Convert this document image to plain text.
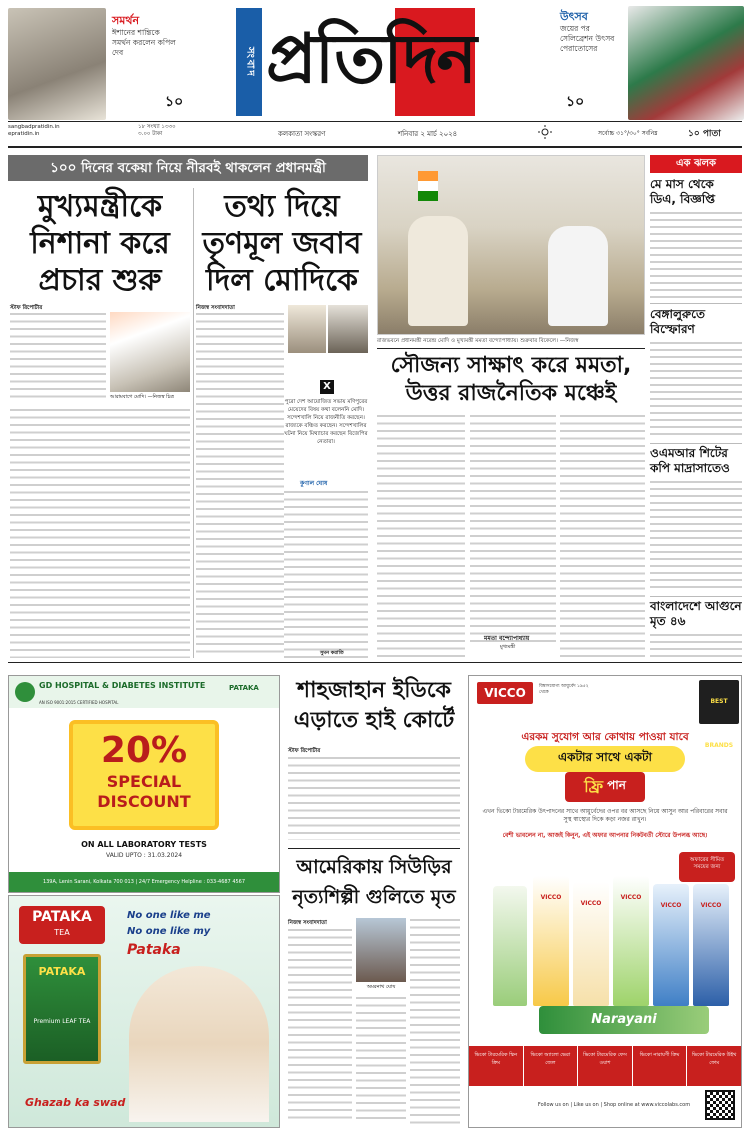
সমর্থন
ঈশানের শান্তিকে সমর্থন করলেন কপিল দেব
১০
সংবাদ প্রতিদিন
উৎসব
জয়ের পর সেলিব্রেশন উৎসব পেরাতোসের
১০
sangbadpratidin.in
epratidin.in
১৮ সংখ্যা ১৩৩০
৩.০০ টাকা	কলকাতা সংস্করণ	শনিবার ২ মার্চ ২০২৪	সর্বোচ্চ ৩১°/৩০° সর্বনিম্ন	১০ পাতা
১০০ দিনের বকেয়া নিয়ে নীরবই থাকলেন প্রধানমন্ত্রী
মুখ্যমন্ত্রীকে নিশানা করে প্রচার শুরু
তথ্য দিয়ে তৃণমূল জবাব দিল মোদিকে
স্টাফ রিপোর্টার
আরামবাগে মোদি। —নিজস্ব চিত্র
নিজস্ব সংবাদদাতা
X
পুরো দেশ আয়োজিত সভায় মণিপুরের মেয়েদের বিষয় কথা বলেননি মোদি। সন্দেশখালি নিয়ে রাজনীতি করছেন। রাজ্যকে বঞ্চিত করছেন। সন্দেশখালির ঘটনা নিয়ে মিথ্যাচার করছেন বিজেপির নেতারা।
কুণাল ঘোষ
সুমন করাতি
রাজভবনে প্রধানমন্ত্রী নরেন্দ্র মোদি ও মুখ্যমন্ত্রী মমতা বন্দ্যোপাধ্যায়। শুক্রবার বিকেলে। —নিজস্ব
সৌজন্য সাক্ষাৎ করে মমতা, উত্তর রাজনৈতিক মঞ্চেই
মমতা বন্দ্যোপাধ্যায়
মুখ্যমন্ত্রী
এক ঝলক
মে মাস থেকে ডিএ, বিজ্ঞপ্তি
বেঙ্গালুরুতে বিস্ফোরণ
ওএমআর শিটের কপি মাদ্রাসাতেও
বাংলাদেশে আগুনে মৃত ৪৬
GD HOSPITAL & DIABETES INSTITUTE
AN ISO 9001:2015 CERTIFIED HOSPITAL
PATAKA
20%
SPECIAL
DISCOUNT
ON ALL LABORATORY TESTS
VALID UPTO : 31.03.2024
139A, Lenin Sarani, Kolkata 700 013 | 24/7 Emergency Helpline : 033-4687 4567
PATAKA
TEA
No one like me
No one like my
Pataka
PATAKA
Premium LEAF TEA
Ghazab ka swad
শাহজাহান ইডিকে এড়াতে হাই কোর্টে
স্টাফ রিপোর্টার
আমেরিকায় সিউড়ির নৃত্যশিল্পী গুলিতে মৃত
নিজস্ব সংবাদদাতা
অমরনাথ ঘোষ
VICCO	বিশ্বাসযোগ্য আয়ুর্বেদ ১৯৫২ থেকে
BEST BRANDS
এরকম সুযোগ আর কোথায় পাওয়া যাবে
একটার সাথে একটা
ফ্রি পান
এখন ভিকো টারমেরিক উৎপাদনের সাথে আয়ুর্বেদের ওপর বর আসছে নিয়ে আসুন আর পরিবারের সবার সুস্থ স্বাস্থ্যের দিকে কড়া নজর রাখুন।
বেশী ভাবলেন না, আজই কিনুন, এই অফার আপনার নিকটবর্তী স্টোরে উপলব্ধ আছে।
অফারের সীমিত সময়ের জন্য
VICCO
VICCO
VICCO
VICCO	VICCO
Narayani
ভিকো টারমেরিক স্কিন ক্রিম
ভিকো অ্যালো ভেরা জেল
ভিকো টারমেরিক ফেস ওয়াশ
ভিকো নারায়ণী ক্রিম	ভিকো টারমেরিক উইথ ফোম
Follow us on | Like us on | Shop online at www.viccolabs.com
